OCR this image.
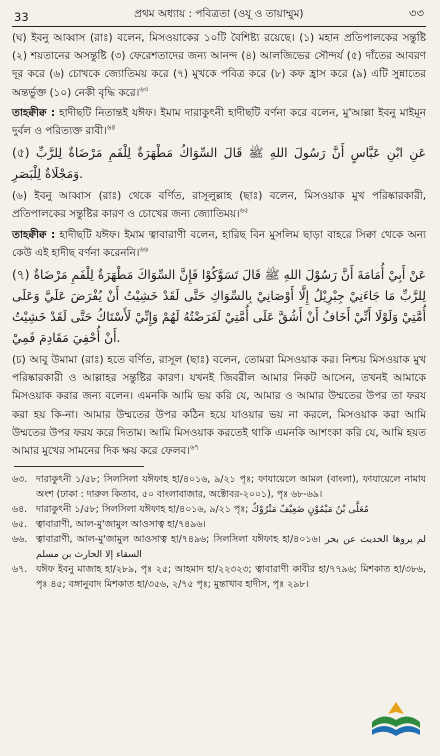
33	প্রথম অধ্যায় : পবিত্রতা (ওযূ ও তায়াম্মুম)	৩৩

(ঘ) ইবনু আব্বাস (রাঃ) বলেন, মিসওয়াকের ১০টি বৈশিষ্ট্য রয়েছে। (১) মহান প্রতিপালকের সন্তুষ্টি (২) শয়তানের অসন্তুষ্টি (৩) ফেরেশতাদের জন্য আনন্দ (৪) আলজিভের সৌন্দর্য (৫) দাঁতের আবরণ দূর করে (৬) চোখকে জ্যোতিময় করে (৭) মুখকে পবিত্র করে (৮) কফ হ্রাস করে (৯) এটি সুন্নাতের অন্তর্ভুক্ত (১০) নেকী বৃদ্ধি করে।$^{৬৩}$

তাহক্বীক্ব : হাদীছটি নিতান্তই যঈফ। ইমাম দারাকুৎনী হাদীছটি বর্ণনা করে বলেন, মু'আল্লা ইবনু মাইমূন দুর্বল ও পরিত্যক্ত রাবী।$^{৬৪}$

(৫) عَنِ ابْنِ عَبَّاسٍ أَنَّ رَسُولَ اللهِ ﷺ قَالَ السِّوَاكُ مَطْهَرَةٌ لِلْفَمِ مَرْضَاةٌ لِلرَّبِّ وَمَجْلَاةٌ لِلْبَصَرِ.

(৬) ইবনু আব্বাস (রাঃ) থেকে বর্ণিত, রাসূলুল্লাহ (ছাঃ) বলেন, মিসওয়াক মুখ পরিষ্কারকারী, প্রতিপালকের সন্তুষ্টির কারণ ও চোখের জন্য জ্যোতিময়।$^{৬৫}$

তাহক্বীক্ব : হাদীছটি যঈফ। ইমাম ত্বাবারাণী বলেন, হারিছ বিন মুসলিম ছাড়া বাহরে সিক্বা থেকে অন্য কেউ এই হাদীছ বর্ণনা করেননি।$^{৬৬}$

(৭) عَنْ أَبِيْ أُمَامَةَ أَنَّ رَسُوْلَ اللهِ ﷺ قَالَ تَسَوَّكُوْا فَإِنَّ السِّوَاكَ مَطْهَرَةٌ لِلْفَمِ مَرْضَاةٌ لِلرَّبِّ مَا جَاءَنِيْ جِبْرِيْلُ إِلَّا أَوْصَانِيْ بِالسِّوَاكِ حَتَّى لَقَدْ خَشِيْتُ أَنْ يُفْرَضَ عَلَيَّ وَعَلَى أُمَّتِيْ وَلَوْلَا أَنِّيْ أَخَافُ أَنْ أَشُقَّ عَلَى أُمَّتِيْ لَفَرَضْتُهُ لَهُمْ وَإِنِّيْ لَأَسْتَاكُ حَتَّى لَقَدْ خَشِيْتُ أَنْ أُحْفِيَ مَقَادِمَ فَمِيْ.

(চ) আবু উমামা (রাঃ) হতে বর্ণিত, রাসূল (ছাঃ) বলেন, তোমরা মিসওয়াক কর। নিশ্চয় মিসওয়াক মুখ পরিষ্কারকারী ও আল্লাহর সন্তুষ্টির কারণ। যখনই জিবরীল আমার নিকট আসেন, তখনই আমাকে মিসওয়াক করার জন্য বলেন। এমনকি আমি ভয় করি যে, আমার ও আমার উম্মতের উপর তা ফরয করা হয় কি-না। আমার উম্মতের উপর কঠিন হয়ে যাওয়ার ভয় না করলে, মিসওয়াক করা আমি উম্মতের উপর ফরয করে দিতাম। আমি মিসওয়াক করতেই থাকি এমনকি আশংকা করি যে, আমি হয়ত আমার মুখের সামনের দিক ক্ষয় করে ফেলব।$^{৬৭}$

৬৩. দারাকুৎনী ১/৫৮; সিলসিলা যঈফাহ হা/৪০১৬, ৯/২১ পৃঃ; ফাযায়েলে আমল (বাংলা), ফাযায়েলে নামায অংশ (ঢাকা : দারুল কিতাব, ৫০ বাংলাবাজার, অক্টোবর-২০০১), পৃঃ ৬৮-৬৯।
৬৪. দারাকুৎনী ১/৫৮; সিলসিলা যঈফাহ হা/৪০১৬, ৯/২১ পৃঃ; مُعَلَّى بْنُ مَيْمُوْنٍ ضَعِيْفٌ مَتْرُوْكٌ
৬৫. ত্বাবারাণী, আল-মু'জামুল আওসাত্ব হা/৭৪৯৬।
৬৬. ত্বাবারাণী, আল-মু'জামুল আওসাত্ব হা/৭৪৯৬; সিলসিলা যঈফাহ হা/৪০১৬। لم يروها الحديث عن بحر السقاء إلا الحارث بن مسلم
৬৭. যঈফ ইবনু মাজাহ হা/২৮৯, পৃঃ ২৫; আহমাদ হা/২২৩২৩; ত্বাবারাণী কাবীর হা/৭৭৯৬; মিশকাত হা/৩৮৬, পৃঃ ৪৫; বঙ্গানুবাদ মিশকাত হা/৩৫৬, ২/৭৫ পৃঃ; মুন্তাখাব হাদীস, পৃঃ ২৯৮।
